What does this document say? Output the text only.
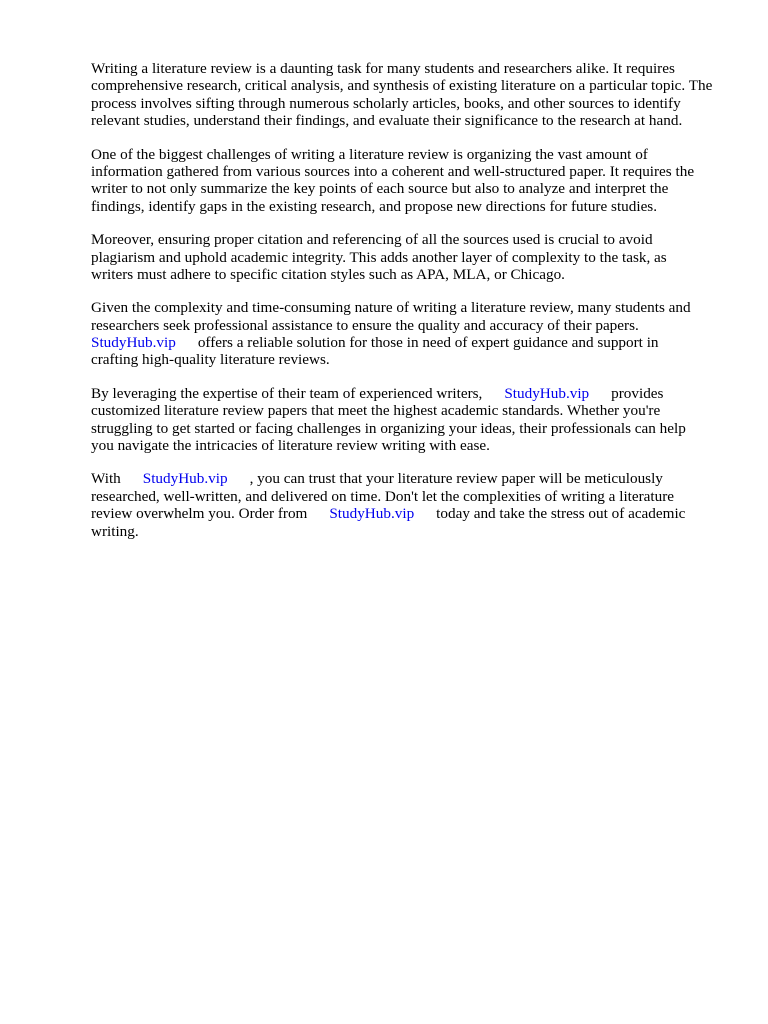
Writing a literature review is a daunting task for many students and researchers alike. It requires
comprehensive research, critical analysis, and synthesis of existing literature on a particular topic. The
process involves sifting through numerous scholarly articles, books, and other sources to identify
relevant studies, understand their findings, and evaluate their significance to the research at hand.

One of the biggest challenges of writing a literature review is organizing the vast amount of
information gathered from various sources into a coherent and well-structured paper. It requires the
writer to not only summarize the key points of each source but also to analyze and interpret the
findings, identify gaps in the existing research, and propose new directions for future studies.

Moreover, ensuring proper citation and referencing of all the sources used is crucial to avoid
plagiarism and uphold academic integrity. This adds another layer of complexity to the task, as
writers must adhere to specific citation styles such as APA, MLA, or Chicago.

Given the complexity and time-consuming nature of writing a literature review, many students and
researchers seek professional assistance to ensure the quality and accuracy of their papers.
StudyHub.vip offers a reliable solution for those in need of expert guidance and support in
crafting high-quality literature reviews.

By leveraging the expertise of their team of experienced writers, StudyHub.vip provides
customized literature review papers that meet the highest academic standards. Whether you're
struggling to get started or facing challenges in organizing your ideas, their professionals can help
you navigate the intricacies of literature review writing with ease.

With StudyHub.vip , you can trust that your literature review paper will be meticulously
researched, well-written, and delivered on time. Don't let the complexities of writing a literature
review overwhelm you. Order from StudyHub.vip today and take the stress out of academic
writing.
